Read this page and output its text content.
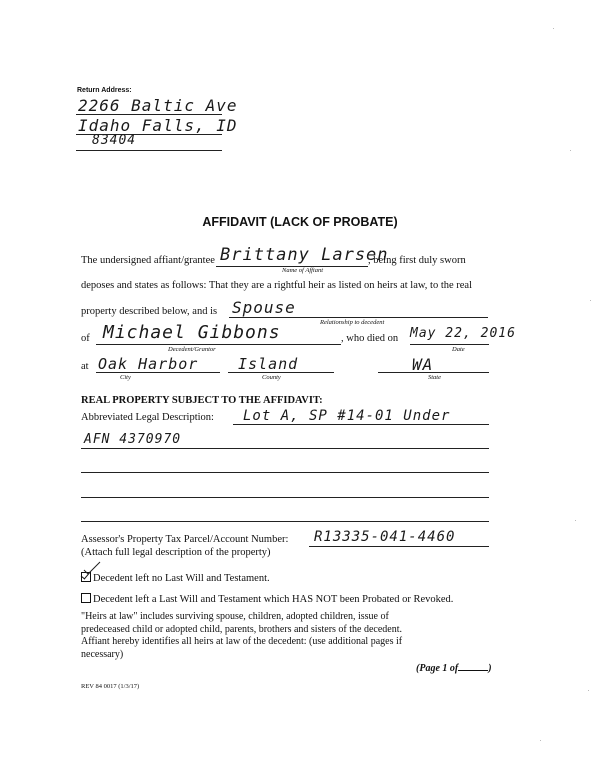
Return Address:
2266 Baltic Ave
Idaho Falls, ID
83404
AFFIDAVIT (LACK OF PROBATE)
The undersigned affiant/grantee Brittany Larsen
Name of Affiant
, being first duly sworn
deposes and states as follows: That they are a rightful heir as listed on heirs at law, to the real
property described below, and is Spouse
Relationship to decedent
of Michael Gibbons
Decedent/Grantor
, who died on May 22, 2016
Date
at Oak Harbor
City
Island
County
WA
State
REAL PROPERTY SUBJECT TO THE AFFIDAVIT:
Abbreviated Legal Description: Lot A, SP #14-01 Under
AFN 4370970
Assessor's Property Tax Parcel/Account Number: R13335-041-4460
(Attach full legal description of the property)
Decedent left no Last Will and Testament.
Decedent left a Last Will and Testament which HAS NOT been Probated or Revoked.
"Heirs at law" includes surviving spouse, children, adopted children, issue of
predeceased child or adopted child, parents, brothers and sisters of the decedent.
Affiant hereby identifies all heirs at law of the decedent: (use additional pages if
necessary)
(Page 1 of	)
REV 84 0017 (1/3/17)
